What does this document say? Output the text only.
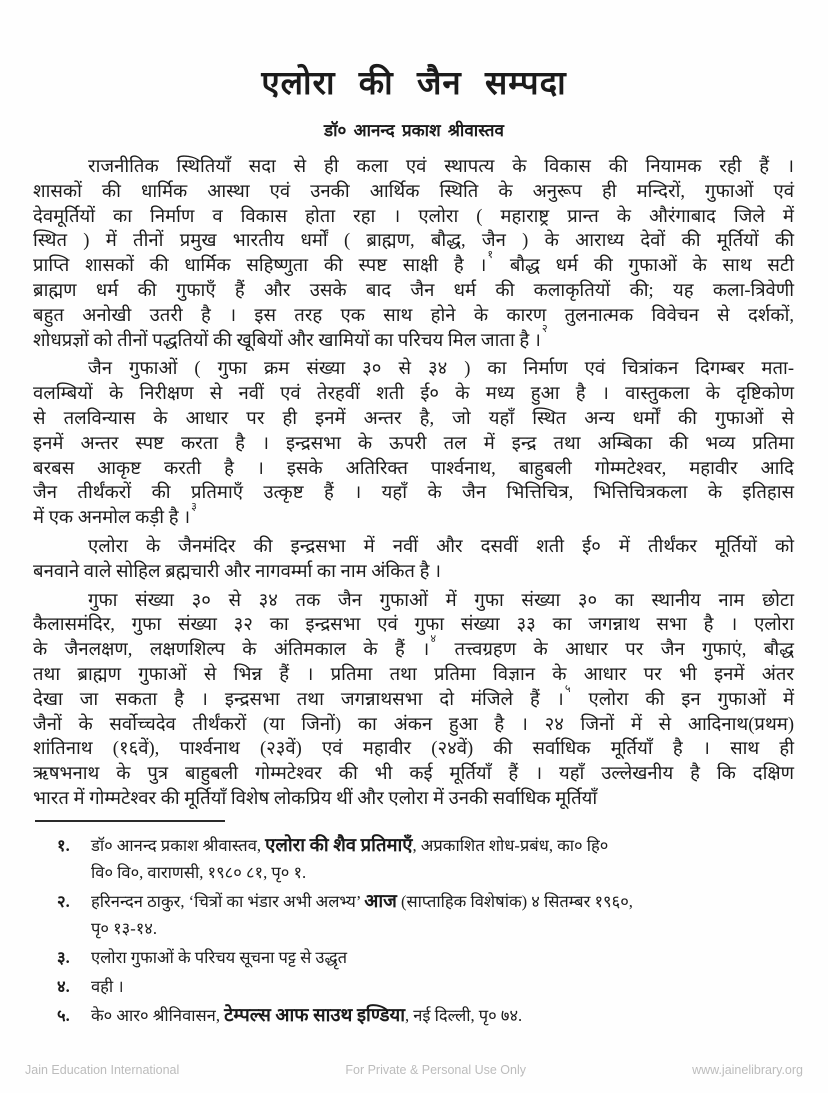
एलोरा की जैन सम्पदा
डॉ० आनन्द प्रकाश श्रीवास्तव
राजनीतिक स्थितियाँ सदा से ही कला एवं स्थापत्य के विकास की नियामक रही हैं ।
शासकों की धार्मिक आस्था एवं उनकी आर्थिक स्थिति के अनुरूप ही मन्दिरों, गुफाओं एवं
देवमूर्तियों का निर्माण व विकास होता रहा । एलोरा ( महाराष्ट्र प्रान्त के औरंगाबाद जिले में
स्थित ) में तीनों प्रमुख भारतीय धर्मों ( ब्राह्मण, बौद्ध, जैन ) के आराध्य देवों की मूर्तियों की
प्राप्ति शासकों की धार्मिक सहिष्णुता की स्पष्ट साक्षी है ।$^१$ बौद्ध धर्म की गुफाओं के साथ सटी
ब्राह्मण धर्म की गुफाएँ हैं और उसके बाद जैन धर्म की कलाकृतियों की; यह कला-त्रिवेणी
बहुत अनोखी उतरी है । इस तरह एक साथ होने के कारण तुलनात्मक विवेचन से दर्शकों,
शोधप्रज्ञों को तीनों पद्धतियों की खूबियों और खामियों का परिचय मिल जाता है ।$^२$
जैन गुफाओं ( गुफा क्रम संख्या ३० से ३४ ) का निर्माण एवं चित्रांकन दिगम्बर मता-
वलम्बियों के निरीक्षण से नवीं एवं तेरहवीं शती ई० के मध्य हुआ है । वास्तुकला के दृष्टिकोण
से तलविन्यास के आधार पर ही इनमें अन्तर है, जो यहाँ स्थित अन्य धर्मों की गुफाओं से
इनमें अन्तर स्पष्ट करता है । इन्द्रसभा के ऊपरी तल में इन्द्र तथा अम्बिका की भव्य प्रतिमा
बरबस आकृष्ट करती है । इसके अतिरिक्त पार्श्वनाथ, बाहुबली गोम्मटेश्वर, महावीर आदि
जैन तीर्थंकरों की प्रतिमाएँ उत्कृष्ट हैं । यहाँ के जैन भित्तिचित्र, भित्तिचित्रकला के इतिहास
में एक अनमोल कड़ी है ।$^३$
एलोरा के जैनमंदिर की इन्द्रसभा में नवीं और दसवीं शती ई० में तीर्थंकर मूर्तियों को
बनवाने वाले सोहिल ब्रह्मचारी और नागवर्म्मा का नाम अंकित है ।
गुफा संख्या ३० से ३४ तक जैन गुफाओं में गुफा संख्या ३० का स्थानीय नाम छोटा
कैलासमंदिर, गुफा संख्या ३२ का इन्द्रसभा एवं गुफा संख्या ३३ का जगन्नाथ सभा है । एलोरा
के जैनलक्षण, लक्षणशिल्प के अंतिमकाल के हैं ।$^४$ तत्त्वग्रहण के आधार पर जैन गुफाएं, बौद्ध
तथा ब्राह्मण गुफाओं से भिन्न हैं । प्रतिमा तथा प्रतिमा विज्ञान के आधार पर भी इनमें अंतर
देखा जा सकता है । इन्द्रसभा तथा जगन्नाथसभा दो मंजिले हैं ।$^५$ एलोरा की इन गुफाओं में
जैनों के सर्वोच्चदेव तीर्थंकरों (या जिनों) का अंकन हुआ है । २४ जिनों में से आदिनाथ(प्रथम)
शांतिनाथ (१६वें), पार्श्वनाथ (२३वें) एवं महावीर (२४वें) की सर्वाधिक मूर्तियाँ है । साथ ही
ऋषभनाथ के पुत्र बाहुबली गोम्मटेश्वर की भी कई मूर्तियाँ हैं । यहाँ उल्लेखनीय है कि दक्षिण
भारत में गोम्मटेश्वर की मूर्तियाँ विशेष लोकप्रिय थीं और एलोरा में उनकी सर्वाधिक मूर्तियाँ
१.	डॉ० आनन्द प्रकाश श्रीवास्तव, एलोरा की शैव प्रतिमाएँ, अप्रकाशित शोध-प्रबंध, का० हि०
वि० वि०, वाराणसी, १९८० ८१, पृ० १.
२.	हरिनन्दन ठाकुर, ‘चित्रों का भंडार अभी अलभ्य’ आज (साप्ताहिक विशेषांक) ४ सितम्बर १९६०,
पृ० १३-१४.
३.	एलोरा गुफाओं के परिचय सूचना पट्ट से उद्धृत
४.	वही ।
५.	के० आर० श्रीनिवासन, टेम्पल्स आफ साउथ इण्डिया, नई दिल्ली, पृ० ७४.
Jain Education International	For Private & Personal Use Only	www.jainelibrary.org
